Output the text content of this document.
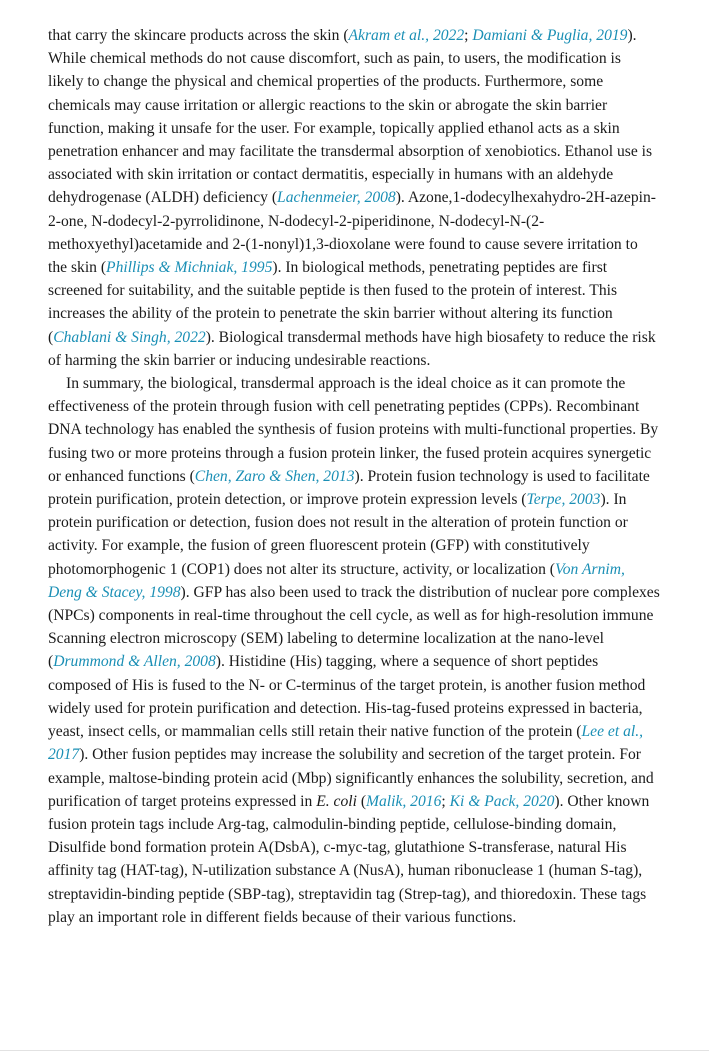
that carry the skincare products across the skin (Akram et al., 2022; Damiani & Puglia, 2019). While chemical methods do not cause discomfort, such as pain, to users, the modification is likely to change the physical and chemical properties of the products. Furthermore, some chemicals may cause irritation or allergic reactions to the skin or abrogate the skin barrier function, making it unsafe for the user. For example, topically applied ethanol acts as a skin penetration enhancer and may facilitate the transdermal absorption of xenobiotics. Ethanol use is associated with skin irritation or contact dermatitis, especially in humans with an aldehyde dehydrogenase (ALDH) deficiency (Lachenmeier, 2008). Azone,1-dodecylhexahydro-2H-azepin-2-one, N-dodecyl-2-pyrrolidinone, N-dodecyl-2-piperidinone, N-dodecyl-N-(2-methoxyethyl)acetamide and 2-(1-nonyl)1,3-dioxolane were found to cause severe irritation to the skin (Phillips & Michniak, 1995). In biological methods, penetrating peptides are first screened for suitability, and the suitable peptide is then fused to the protein of interest. This increases the ability of the protein to penetrate the skin barrier without altering its function (Chablani & Singh, 2022). Biological transdermal methods have high biosafety to reduce the risk of harming the skin barrier or inducing undesirable reactions.

In summary, the biological, transdermal approach is the ideal choice as it can promote the effectiveness of the protein through fusion with cell penetrating peptides (CPPs). Recombinant DNA technology has enabled the synthesis of fusion proteins with multi-functional properties. By fusing two or more proteins through a fusion protein linker, the fused protein acquires synergetic or enhanced functions (Chen, Zaro & Shen, 2013). Protein fusion technology is used to facilitate protein purification, protein detection, or improve protein expression levels (Terpe, 2003). In protein purification or detection, fusion does not result in the alteration of protein function or activity. For example, the fusion of green fluorescent protein (GFP) with constitutively photomorphogenic 1 (COP1) does not alter its structure, activity, or localization (Von Arnim, Deng & Stacey, 1998). GFP has also been used to track the distribution of nuclear pore complexes (NPCs) components in real-time throughout the cell cycle, as well as for high-resolution immune Scanning electron microscopy (SEM) labeling to determine localization at the nano-level (Drummond & Allen, 2008). Histidine (His) tagging, where a sequence of short peptides composed of His is fused to the N- or C-terminus of the target protein, is another fusion method widely used for protein purification and detection. His-tag-fused proteins expressed in bacteria, yeast, insect cells, or mammalian cells still retain their native function of the protein (Lee et al., 2017). Other fusion peptides may increase the solubility and secretion of the target protein. For example, maltose-binding protein acid (Mbp) significantly enhances the solubility, secretion, and purification of target proteins expressed in E. coli (Malik, 2016; Ki & Pack, 2020). Other known fusion protein tags include Arg-tag, calmodulin-binding peptide, cellulose-binding domain, Disulfide bond formation protein A(DsbA), c-myc-tag, glutathione S-transferase, natural His affinity tag (HAT-tag), N-utilization substance A (NusA), human ribonuclease 1 (human S-tag), streptavidin-binding peptide (SBP-tag), streptavidin tag (Strep-tag), and thioredoxin. These tags play an important role in different fields because of their various functions.
